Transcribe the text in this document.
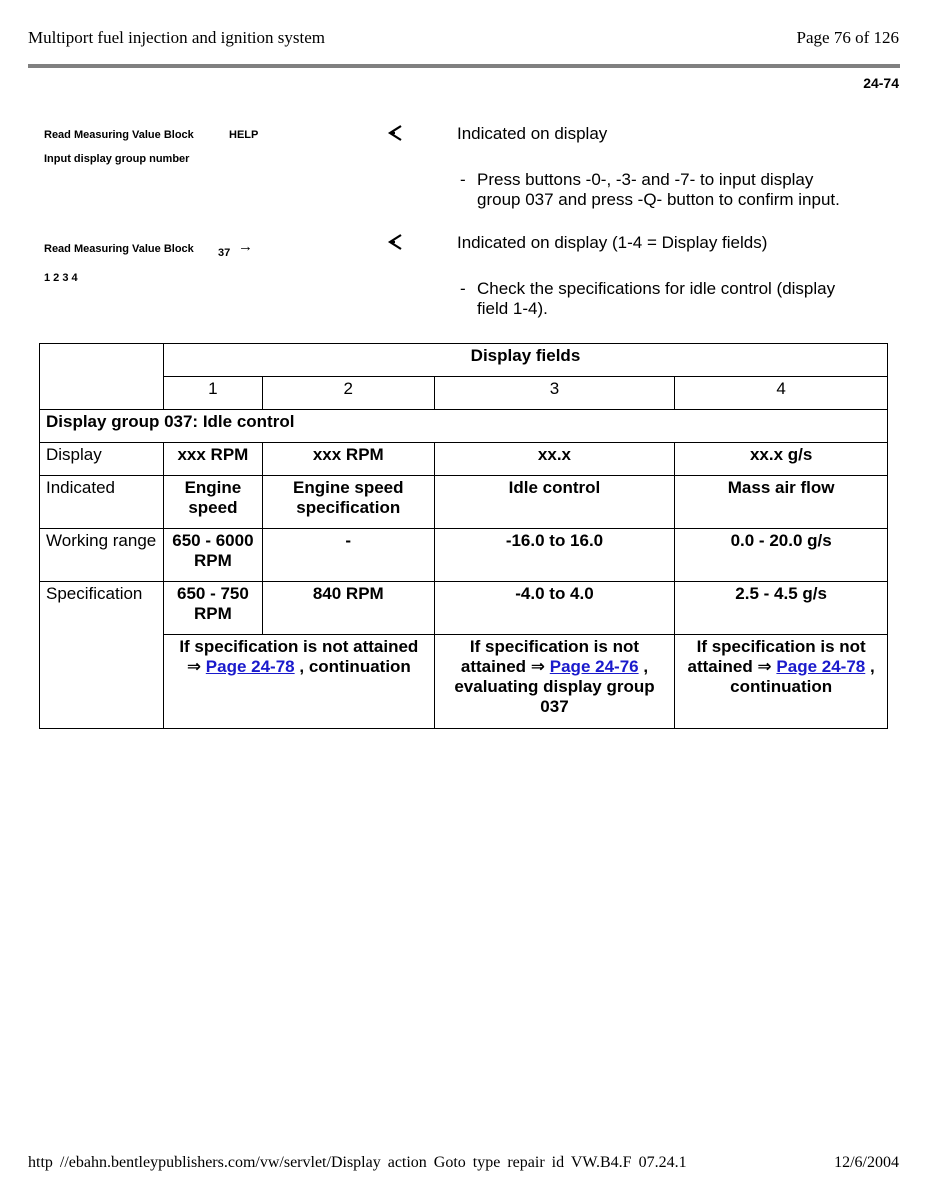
Multiport fuel injection and ignition system	Page 76 of 126
24-74
Read Measuring Value Block	HELP
Input display group number
Indicated on display
- Press buttons -0-, -3- and -7- to input display
group 037 and press -Q- button to confirm input.
Read Measuring Value Block 37 →
1 2 3 4
Indicated on display (1-4 = Display fields)
- Check the specifications for idle control (display
field 1-4).
	Display fields			
	1	2	3	4
Display group 037: Idle control				
Display	xxx RPM	xxx RPM	xx.x	xx.x g/s
Indicated	Engine speed	Engine speed specification	Idle control	Mass air flow
Working range	650 - 6000 RPM	-	-16.0 to 16.0	0.0 - 20.0 g/s
Specification	650 - 750 RPM	840 RPM	-4.0 to 4.0	2.5 - 4.5 g/s
	If specification is not attained ⇒ Page 24-78 , continuation		If specification is not attained ⇒ Page 24-76 , evaluating display group 037	If specification is not attained ⇒ Page 24-78 , continuation
http //ebahn.bentleypublishers.com/vw/servlet/Display action Goto type repair id VW.B4.F 07.24.1	12/6/2004
